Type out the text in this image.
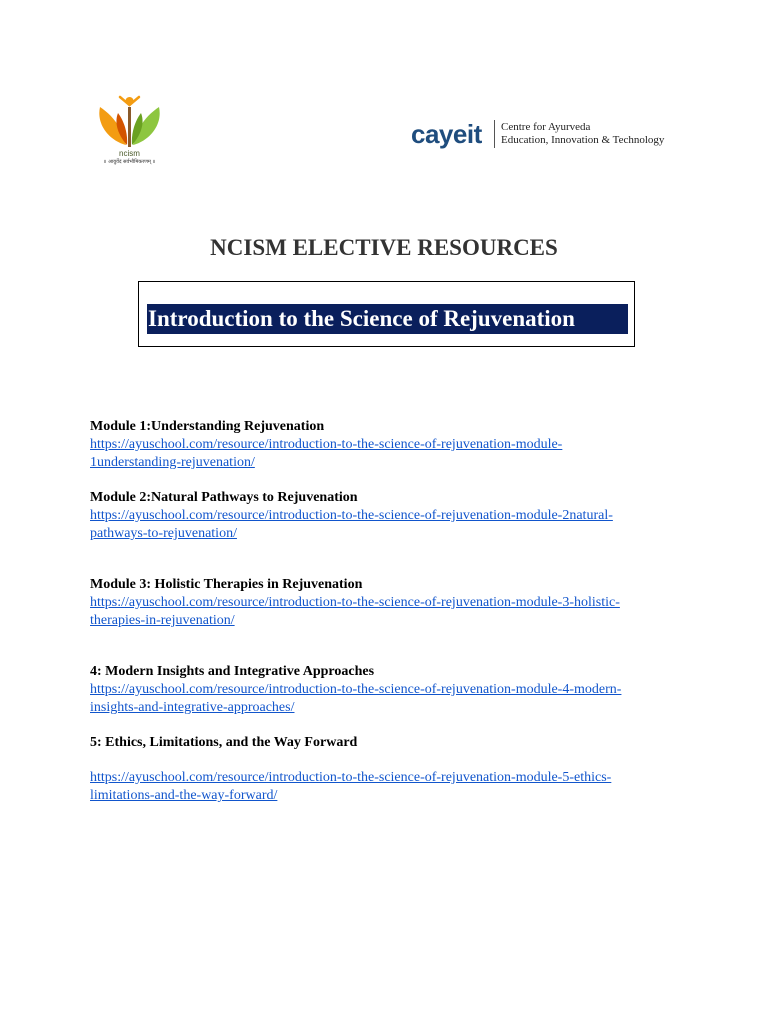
ncism
॥ आयुर्वेदं सर्वभौमिकरणम् ॥
cayeit Centre for Ayurveda
Education, Innovation & Technology
NCISM ELECTIVE RESOURCES
Introduction to the Science of Rejuvenation
Module 1:Understanding Rejuvenation
https://ayuschool.com/resource/introduction-to-the-science-of-rejuvenation-module-
1understanding-rejuvenation/
Module 2:Natural Pathways to Rejuvenation
https://ayuschool.com/resource/introduction-to-the-science-of-rejuvenation-module-2natural-
pathways-to-rejuvenation/
Module 3: Holistic Therapies in Rejuvenation
https://ayuschool.com/resource/introduction-to-the-science-of-rejuvenation-module-3-holistic-
therapies-in-rejuvenation/
4: Modern Insights and Integrative Approaches
https://ayuschool.com/resource/introduction-to-the-science-of-rejuvenation-module-4-modern-
insights-and-integrative-approaches/
5: Ethics, Limitations, and the Way Forward
https://ayuschool.com/resource/introduction-to-the-science-of-rejuvenation-module-5-ethics-
limitations-and-the-way-forward/
